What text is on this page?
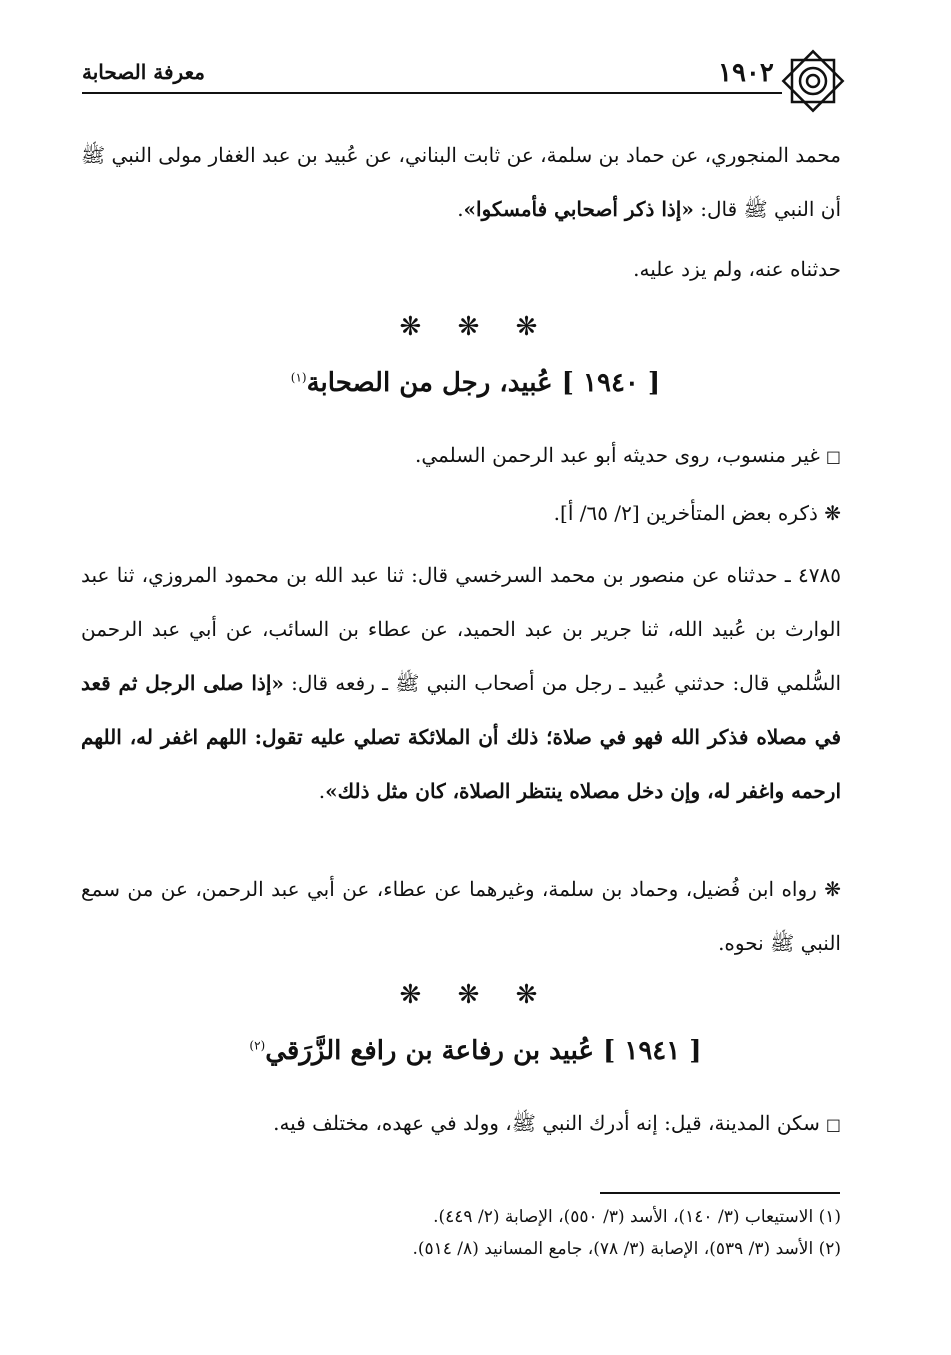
معرفة الصحابة	١٩٠٢

محمد المنجوري، عن حماد بن سلمة، عن ثابت البناني، عن عُبيد بن عبد الغفار مولى النبي ﷺ أن النبي ﷺ قال: «إذا ذكر أصحابي فأمسكوا».

حدثناه عنه، ولم يزد عليه.

❋ ❋ ❋
[ ١٩٤٠ ] عُبيد، رجل من الصحابة$^{(١)}$

□غير منسوب، روى حديثه أبو عبد الرحمن السلمي.

❋ ذكره بعض المتأخرين [٢/ ٦٥/ أ].

٤٧٨٥ ـ حدثناه عن منصور بن محمد السرخسي قال: ثنا عبد الله بن محمود المروزي، ثنا عبد الوارث بن عُبيد الله، ثنا جرير بن عبد الحميد، عن عطاء بن السائب، عن أبي عبد الرحمن السُّلمي قال: حدثني عُبيد ـ رجل من أصحاب النبي ﷺ ـ رفعه قال: «إذا صلى الرجل ثم قعد في مصلاه فذكر الله فهو في صلاة؛ ذلك أن الملائكة تصلي عليه تقول: اللهم اغفر له، اللهم ارحمه واغفر له، وإن دخل مصلاه ينتظر الصلاة، كان مثل ذلك».

❋ رواه ابن فُضيل، وحماد بن سلمة، وغيرهما عن عطاء، عن أبي عبد الرحمن، عن من سمع النبي ﷺ نحوه.

❋ ❋ ❋
[ ١٩٤١ ] عُبيد بن رفاعة بن رافع الزَّرَقي$^{(٢)}$

□سكن المدينة، قيل: إنه أدرك النبي ﷺ، وولد في عهده، مختلف فيه.

(١) الاستيعاب (٣/ ١٤٠)، الأسد (٣/ ٥٥٠)، الإصابة (٢/ ٤٤٩).
(٢) الأسد (٣/ ٥٣٩)، الإصابة (٣/ ٧٨)، جامع المسانيد (٨/ ٥١٤).
